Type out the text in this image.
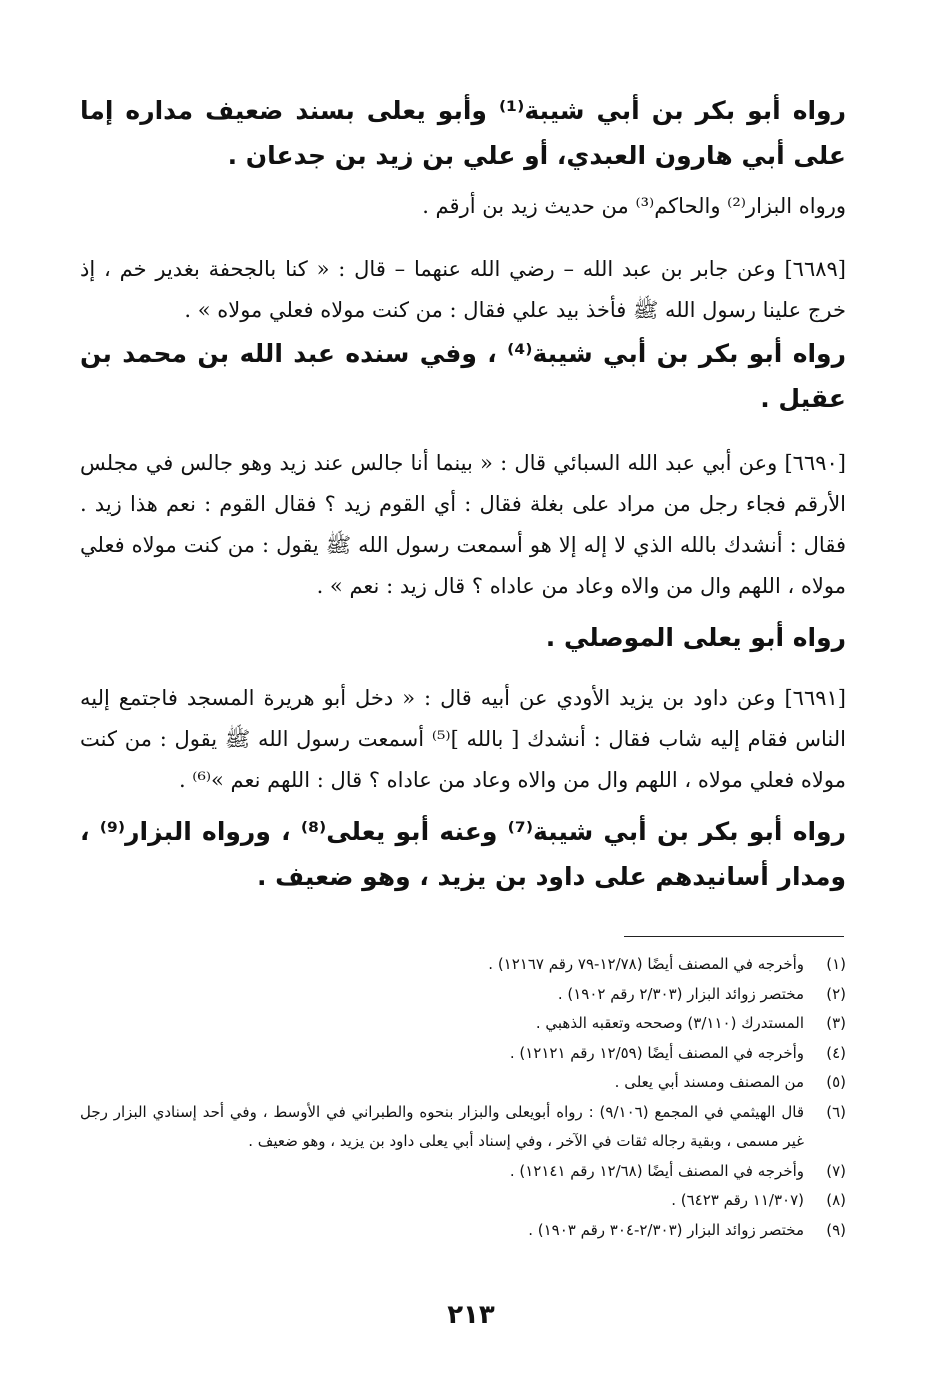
رواه أبو بكر بن أبي شيبة⁽¹⁾ وأبو يعلى بسند ضعيف مداره إما على أبي هارون العبدي، أو علي بن زيد بن جدعان .

ورواه البزار⁽²⁾ والحاكم⁽³⁾ من حديث زيد بن أرقم .

[٦٦٨٩] وعن جابر بن عبد الله – رضي الله عنهما – قال : « كنا بالجحفة بغدير خم ، إذ خرج علينا رسول الله ﷺ فأخذ بيد علي فقال : من كنت مولاه فعلي مولاه » .

رواه أبو بكر بن أبي شيبة⁽⁴⁾ ، وفي سنده عبد الله بن محمد بن عقيل .

[٦٦٩٠] وعن أبي عبد الله السبائي قال : « بينما أنا جالس عند زيد وهو جالس في مجلس الأرقم فجاء رجل من مراد على بغلة فقال : أي القوم زيد ؟ فقال القوم : نعم هذا زيد . فقال : أنشدك بالله الذي لا إله إلا هو أسمعت رسول الله ﷺ يقول : من كنت مولاه فعلي مولاه ، اللهم وال من والاه وعاد من عاداه ؟ قال زيد : نعم » .

رواه أبو يعلى الموصلي .

[٦٦٩١] وعن داود بن يزيد الأودي عن أبيه قال : « دخل أبو هريرة المسجد فاجتمع إليه الناس فقام إليه شاب فقال : أنشدك [ بالله ]⁽⁵⁾ أسمعت رسول الله ﷺ يقول : من كنت مولاه فعلي مولاه ، اللهم وال من والاه وعاد من عاداه ؟ قال : اللهم نعم »⁽⁶⁾ .

رواه أبو بكر بن أبي شيبة⁽⁷⁾ وعنه أبو يعلى⁽⁸⁾ ، ورواه البزار⁽⁹⁾ ، ومدار أسانيدهم على داود بن يزيد ، وهو ضعيف .

(١)
وأخرجه في المصنف أيضًا (١٢/٧٨-٧٩ رقم ١٢١٦٧) .
(٢)
مختصر زوائد البزار (٢/٣٠٣ رقم ١٩٠٢) .
(٣)
المستدرك (٣/١١٠) وصححه وتعقبه الذهبي .
(٤)
وأخرجه في المصنف أيضًا (١٢/٥٩ رقم ١٢١٢١) .
(٥)
من المصنف ومسند أبي يعلى .
(٦)
قال الهيثمي في المجمع (٩/١٠٦) : رواه أبويعلى والبزار بنحوه والطبراني في الأوسط ، وفي أحد إسنادي البزار رجل غير مسمى ، وبقية رجاله ثقات في الآخر ، وفي إسناد أبي يعلى داود بن يزيد ، وهو ضعيف .
(٧)
وأخرجه في المصنف أيضًا (١٢/٦٨ رقم ١٢١٤١) .
(٨)
(١١/٣٠٧ رقم ٦٤٢٣) .
(٩)
مختصر زوائد البزار (٢/٣٠٣-٣٠٤ رقم ١٩٠٣) .
٢١٣
